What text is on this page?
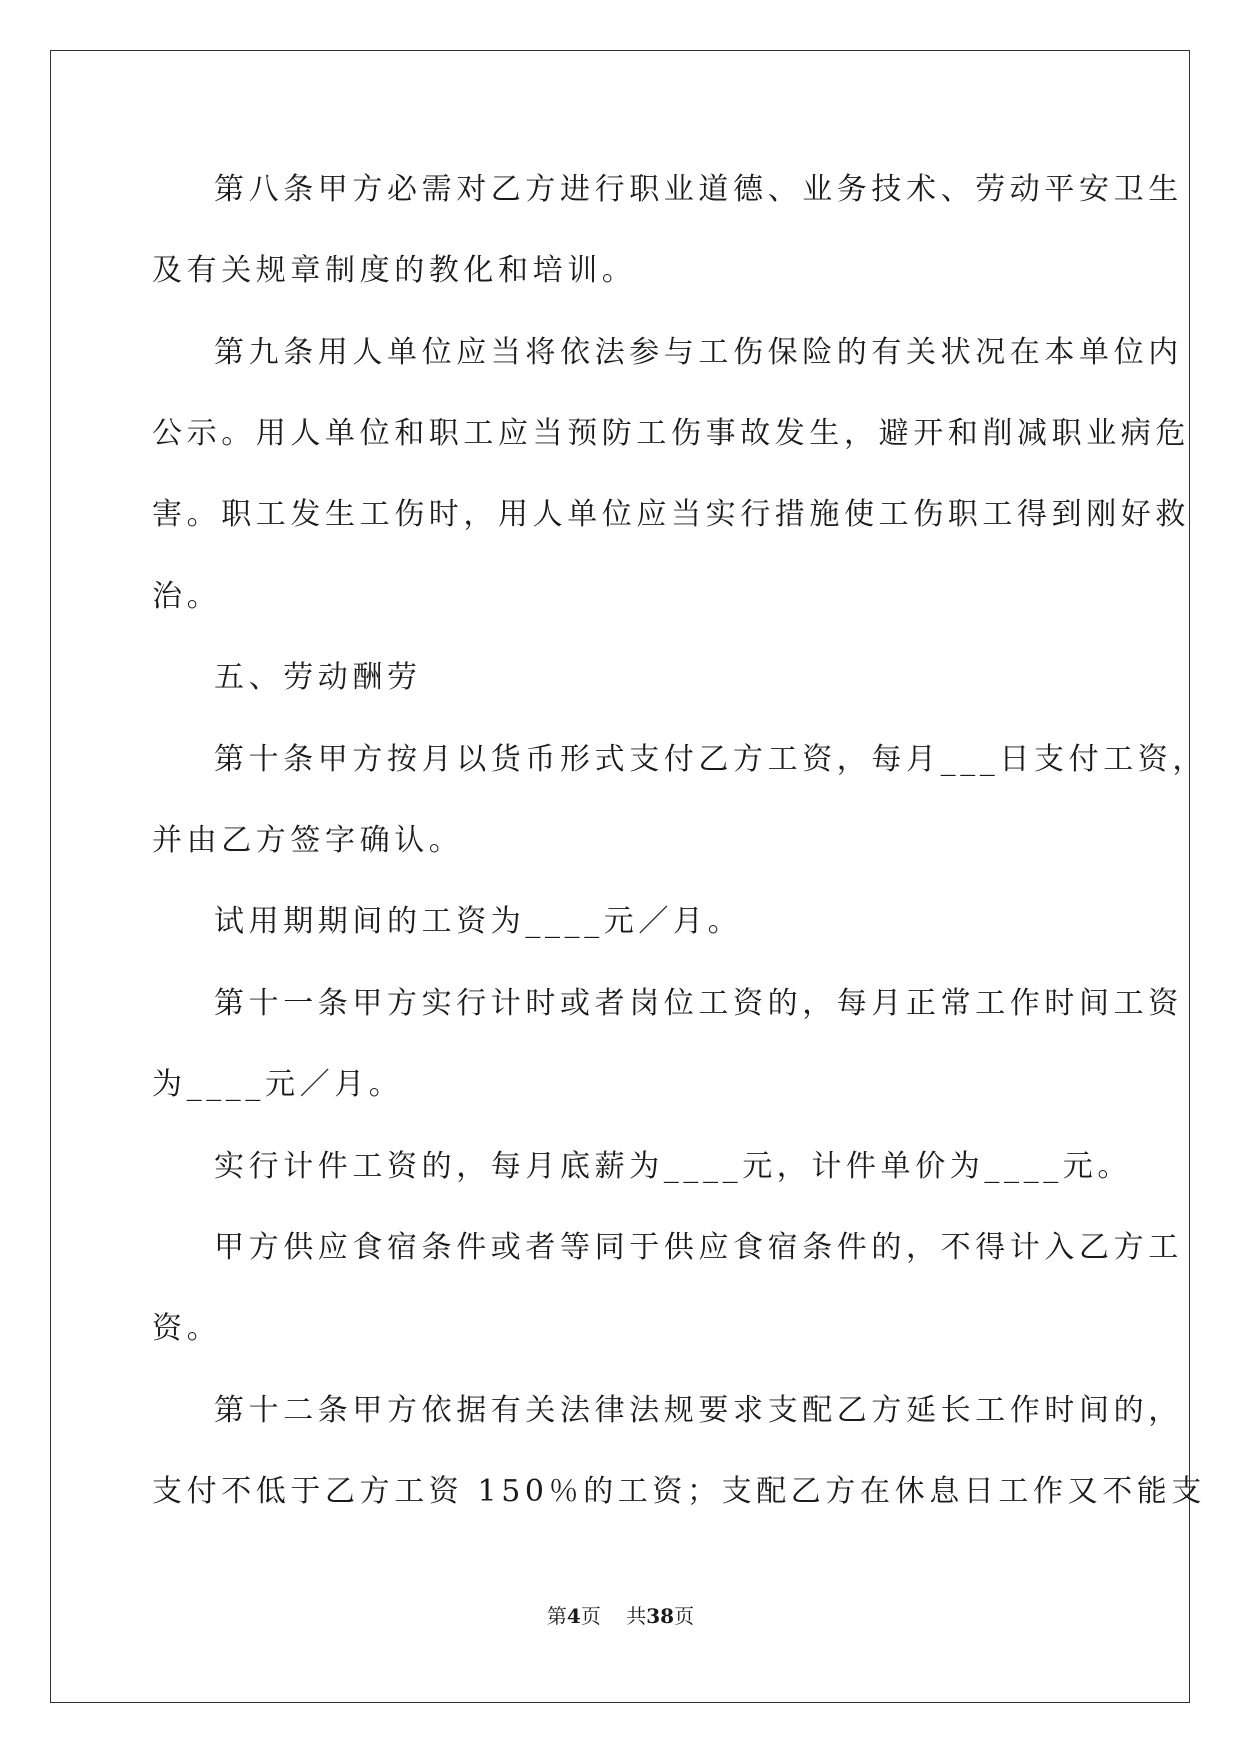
第八条甲方必需对乙方进行职业道德、业务技术、劳动平安卫生
及有关规章制度的教化和培训。
第九条用人单位应当将依法参与工伤保险的有关状况在本单位内
公示。用人单位和职工应当预防工伤事故发生，避开和削减职业病危
害。职工发生工伤时，用人单位应当实行措施使工伤职工得到刚好救
治。
五、劳动酬劳
第十条甲方按月以货币形式支付乙方工资，每月___日支付工资，
并由乙方签字确认。
试用期期间的工资为____元／月。
第十一条甲方实行计时或者岗位工资的，每月正常工作时间工资
为____元／月。
实行计件工资的，每月底薪为____元，计件单价为____元。
甲方供应食宿条件或者等同于供应食宿条件的，不得计入乙方工
资。
第十二条甲方依据有关法律法规要求支配乙方延长工作时间的，
支付不低于乙方工资 150％的工资；支配乙方在休息日工作又不能支
第4页 共38页
